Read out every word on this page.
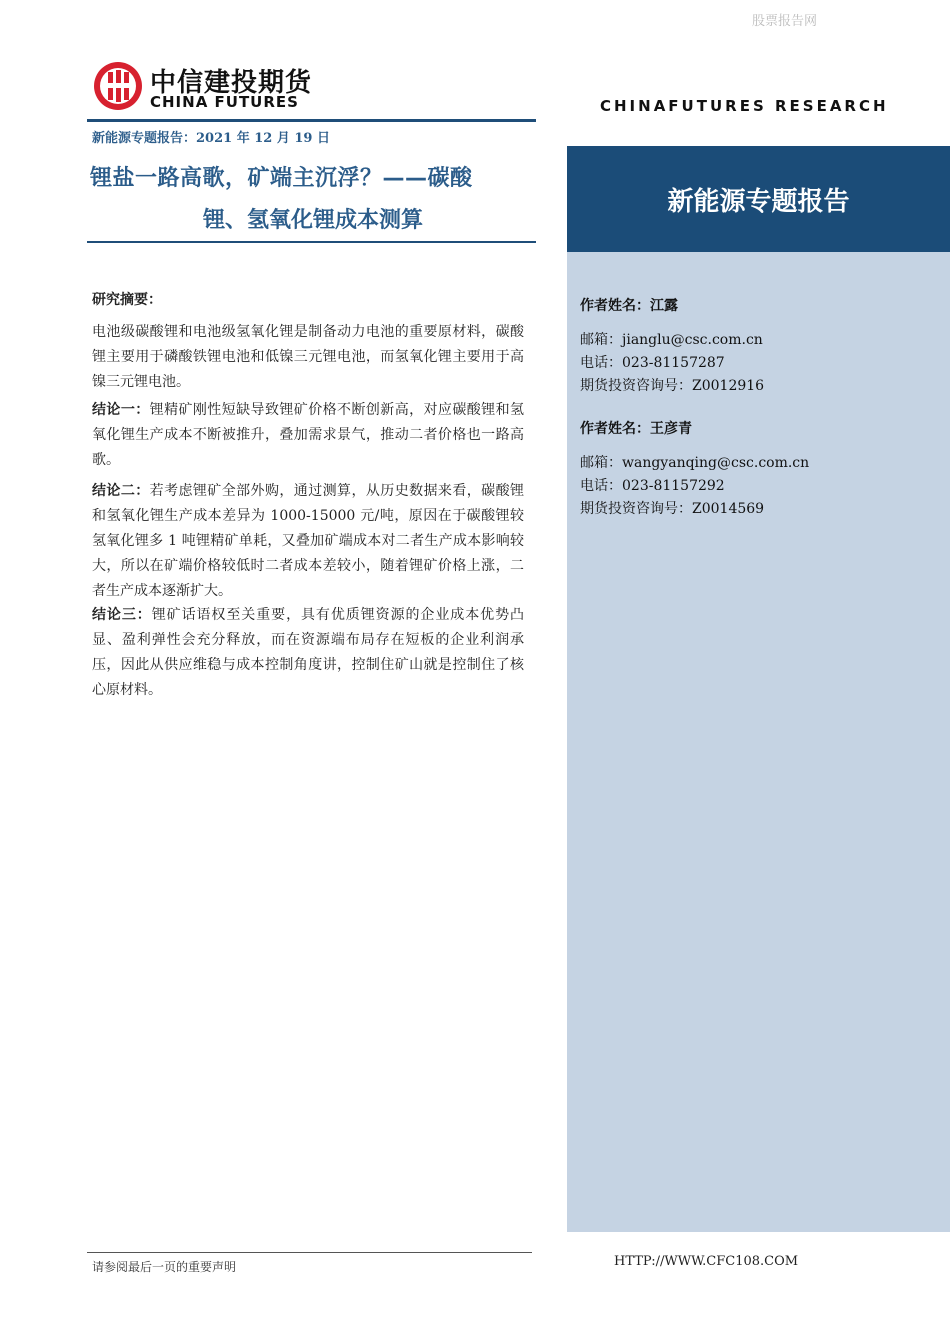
股票报告网
中信建投期货
CHINA FUTURES	CHINAFUTURES RESEARCH
新能源专题报告：2021 年 12 月 19 日
锂盐一路高歌，矿端主沉浮？——碳酸
锂、氢氧化锂成本测算
新能源专题报告
作者姓名：江露
邮箱：jianglu@csc.com.cn
电话：023-81157287
期货投资咨询号：Z0012916
作者姓名：王彦青
邮箱：wangyanqing@csc.com.cn
电话：023-81157292
期货投资咨询号：Z0014569
研究摘要：
电池级碳酸锂和电池级氢氧化锂是制备动力电池的重要原材料，碳酸锂主要用于磷酸铁锂电池和低镍三元锂电池，而氢氧化锂主要用于高镍三元锂电池。
结论一：锂精矿刚性短缺导致锂矿价格不断创新高，对应碳酸锂和氢氧化锂生产成本不断被推升，叠加需求景气，推动二者价格也一路高歌。
结论二：若考虑锂矿全部外购，通过测算，从历史数据来看，碳酸锂和氢氧化锂生产成本差异为 1000-15000 元/吨，原因在于碳酸锂较氢氧化锂多 1 吨锂精矿单耗，又叠加矿端成本对二者生产成本影响较大，所以在矿端价格较低时二者成本差较小，随着锂矿价格上涨，二者生产成本逐渐扩大。
结论三：锂矿话语权至关重要，具有优质锂资源的企业成本优势凸显、盈利弹性会充分释放，而在资源端布局存在短板的企业利润承压，因此从供应维稳与成本控制角度讲，控制住矿山就是控制住了核心原材料。
请参阅最后一页的重要声明	HTTP://WWW.CFC108.COM
